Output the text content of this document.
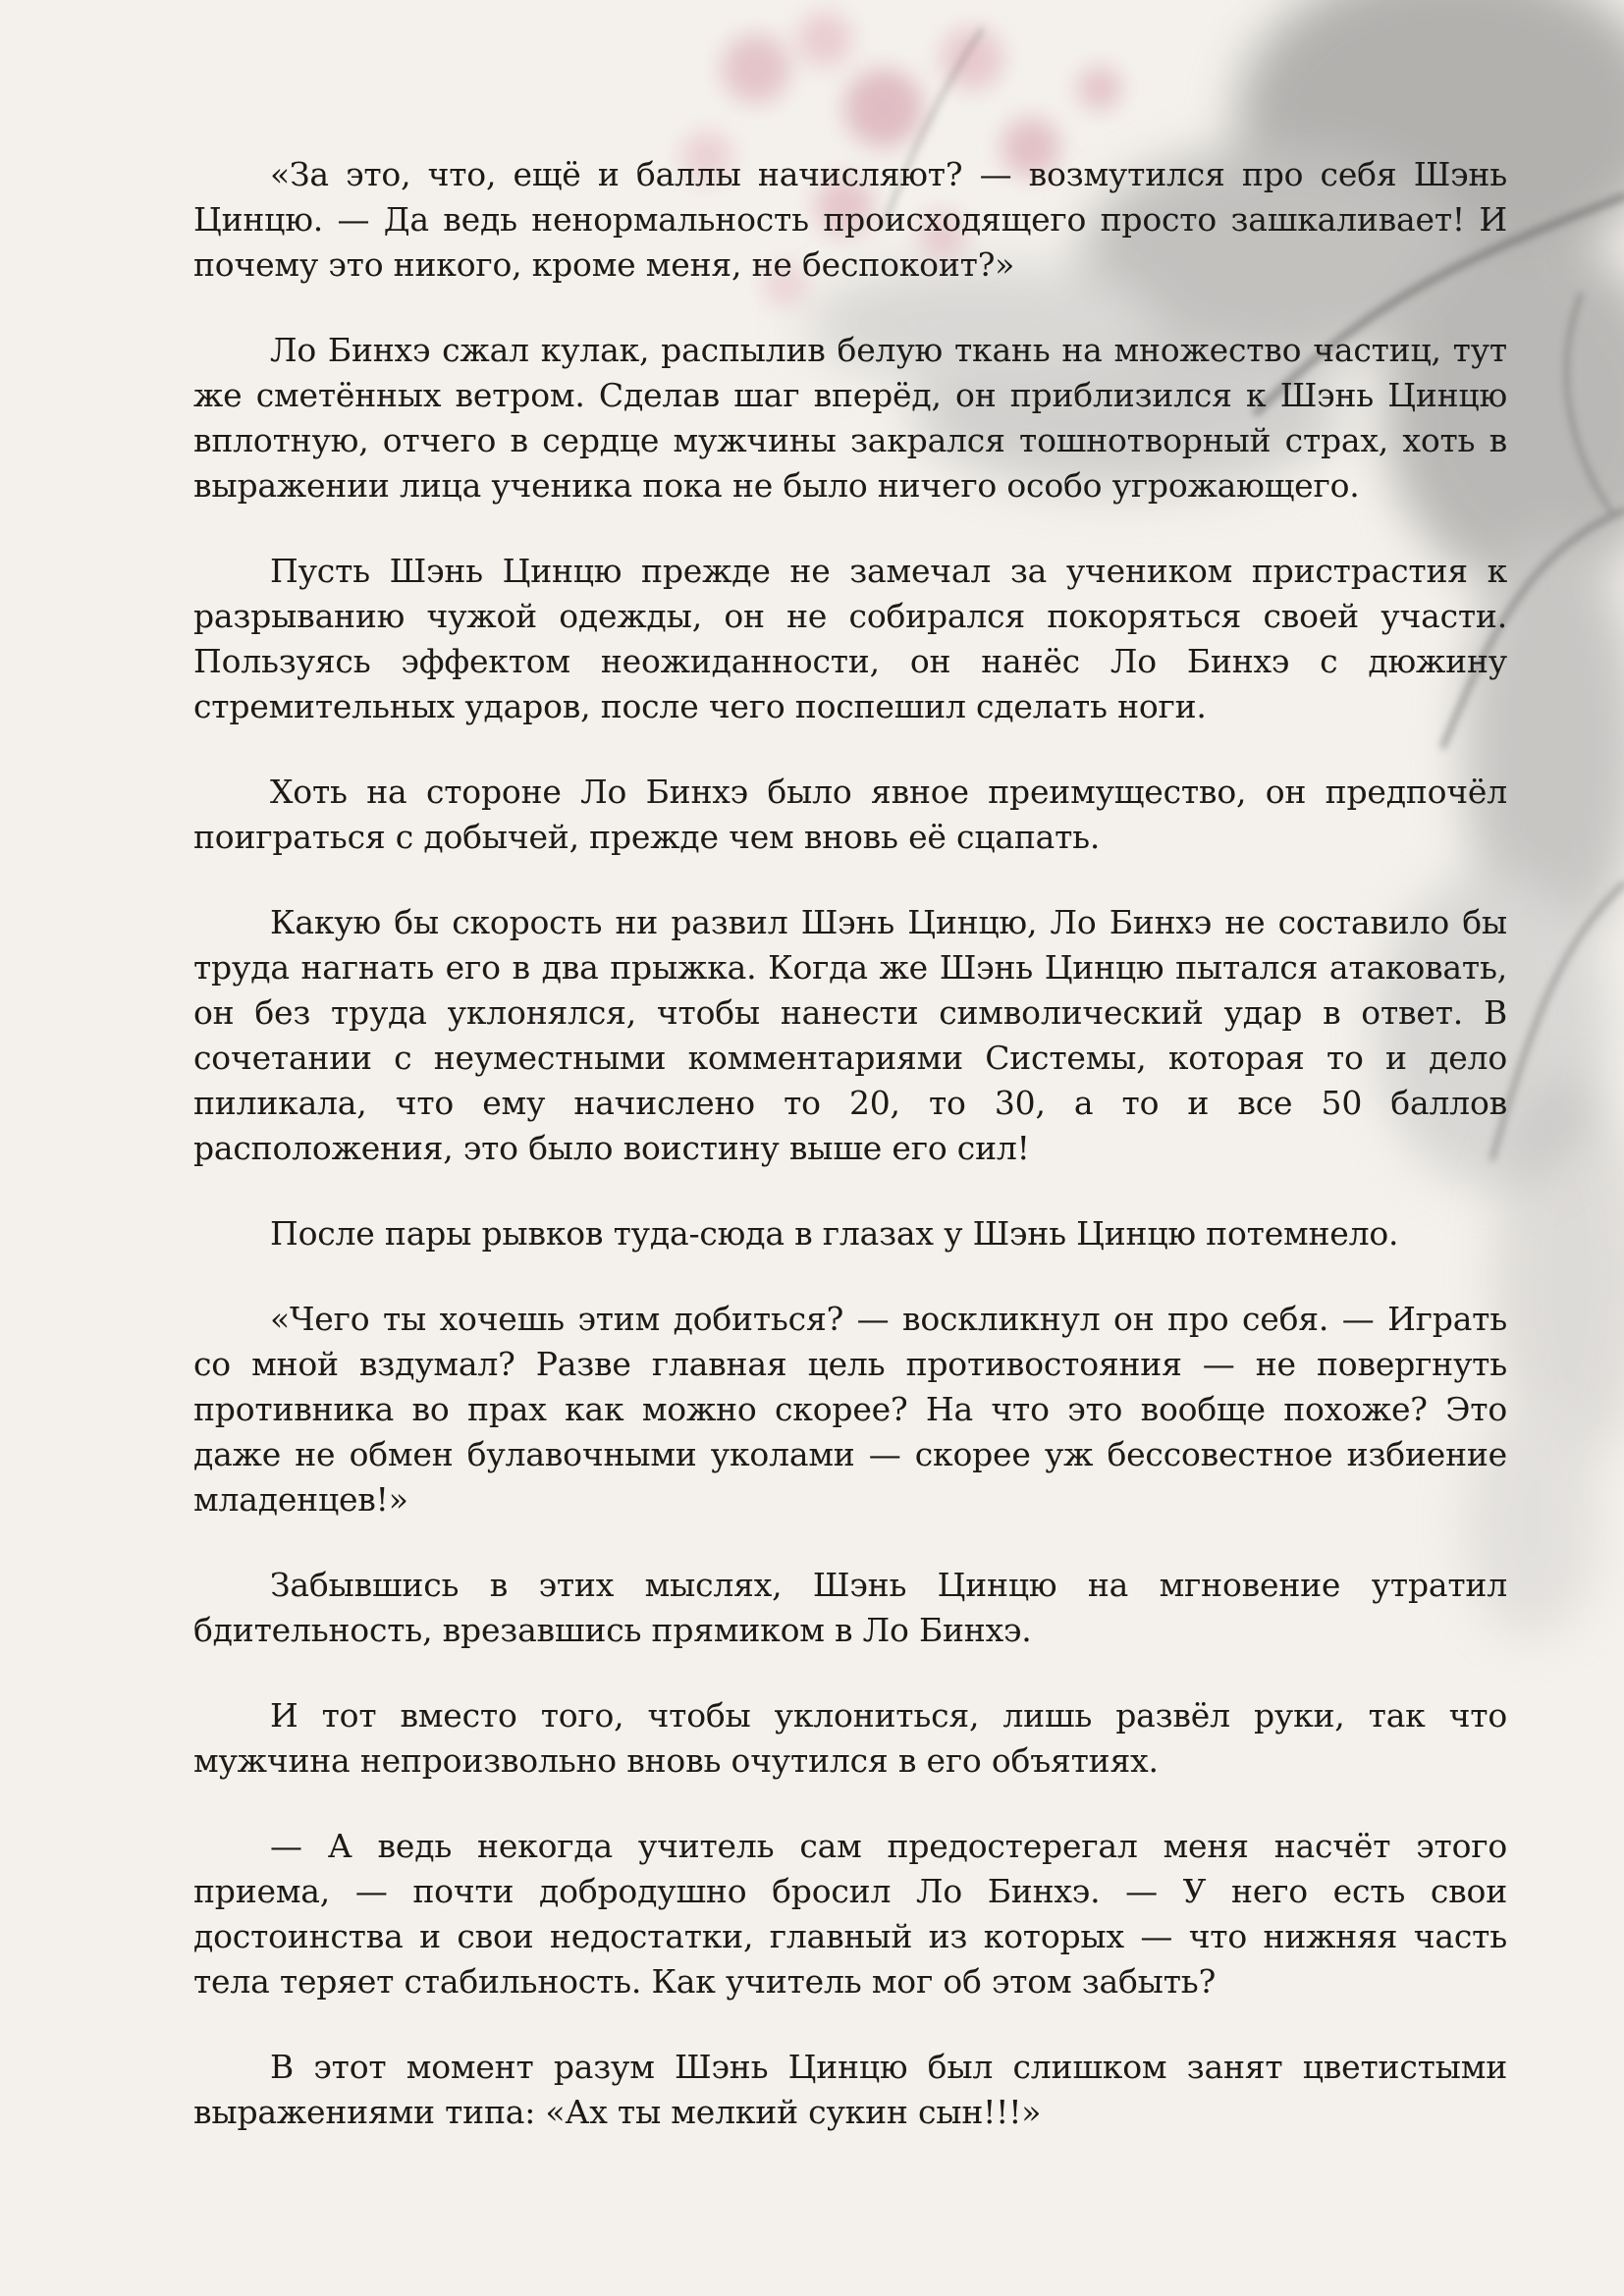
«За это, что, ещё и баллы начисляют? — возмутился про себя Шэнь Цинцю. — Да ведь ненормальность происходящего просто зашкаливает! И почему это никого, кроме меня, не беспокоит?»

Ло Бинхэ сжал кулак, распылив белую ткань на множество частиц, тут же сметённых ветром. Сделав шаг вперёд, он приблизился к Шэнь Цинцю вплотную, отчего в сердце мужчины закрался тошнотворный страх, хоть в выражении лица ученика пока не было ничего особо угрожающего.

Пусть Шэнь Цинцю прежде не замечал за учеником пристрастия к разрыванию чужой одежды, он не собирался покоряться своей участи. Пользуясь эффектом неожиданности, он нанёс Ло Бинхэ с дюжину стремительных ударов, после чего поспешил сделать ноги.

Хоть на стороне Ло Бинхэ было явное преимущество, он предпочёл поиграться с добычей, прежде чем вновь её сцапать.

Какую бы скорость ни развил Шэнь Цинцю, Ло Бинхэ не составило бы труда нагнать его в два прыжка. Когда же Шэнь Цинцю пытался атаковать, он без труда уклонялся, чтобы нанести символический удар в ответ. В сочетании с неуместными комментариями Системы, которая то и дело пиликала, что ему начислено то 20, то 30, а то и все 50 баллов расположения, это было воистину выше его сил!

После пары рывков туда-сюда в глазах у Шэнь Цинцю потемнело.

«Чего ты хочешь этим добиться? — воскликнул он про себя. — Играть со мной вздумал? Разве главная цель противостояния — не повергнуть противника во прах как можно скорее? На что это вообще похоже? Это даже не обмен булавочными уколами — скорее уж бессовестное избиение младенцев!»

Забывшись в этих мыслях, Шэнь Цинцю на мгновение утратил бдительность, врезавшись прямиком в Ло Бинхэ.

И тот вместо того, чтобы уклониться, лишь развёл руки, так что мужчина непроизвольно вновь очутился в его объятиях.

— А ведь некогда учитель сам предостерегал меня насчёт этого приема, — почти добродушно бросил Ло Бинхэ. — У него есть свои достоинства и свои недостатки, главный из которых — что нижняя часть тела теряет стабильность. Как учитель мог об этом забыть?

В этот момент разум Шэнь Цинцю был слишком занят цветистыми выражениями типа: «Ах ты мелкий сукин сын!!!»
